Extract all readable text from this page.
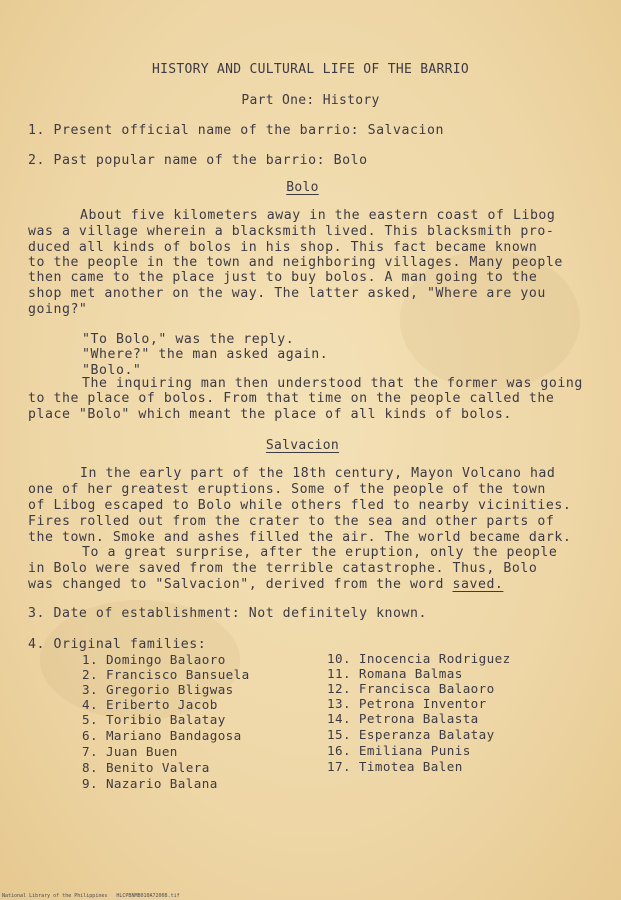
HISTORY AND CULTURAL LIFE OF THE BARRIO
Part One: History
1. Present official name of the barrio: Salvacion
2. Past popular name of the barrio: Bolo
Bolo
About five kilometers away in the eastern coast of Libog
was a village wherein a blacksmith lived. This blacksmith pro-
duced all kinds of bolos in his shop. This fact became known
to the people in the town and neighboring villages. Many people
then came to the place just to buy bolos. A man going to the
shop met another on the way. The latter asked, "Where are you
going?"
"To Bolo," was the reply.
"Where?" the man asked again.
"Bolo."
The inquiring man then understood that the former was going
to the place of bolos. From that time on the people called the
place "Bolo" which meant the place of all kinds of bolos.
Salvacion
In the early part of the 18th century, Mayon Volcano had
one of her greatest eruptions. Some of the people of the town
of Libog escaped to Bolo while others fled to nearby vicinities.
Fires rolled out from the crater to the sea and other parts of
the town. Smoke and ashes filled the air. The world became dark.
To a great surprise, after the eruption, only the people
in Bolo were saved from the terrible catastrophe. Thus, Bolo
was changed to "Salvacion", derived from the word saved.
3. Date of establishment: Not definitely known.
4. Original families:
1. Domingo Balaoro
2. Francisco Bansuela
3. Gregorio Bligwas
4. Eriberto Jacob
5. Toribio Balatay
6. Mariano Bandagosa
7. Juan Buen
8. Benito Valera
9. Nazario Balana
10. Inocencia Rodriguez
11. Romana Balmas
12. Francisca Balaoro
13. Petrona Inventor
14. Petrona Balasta
15. Esperanza Balatay
16. Emiliana Punis
17. Timotea Balen
National Library of the Philippines   HLCPBNMB010A72008.tif
